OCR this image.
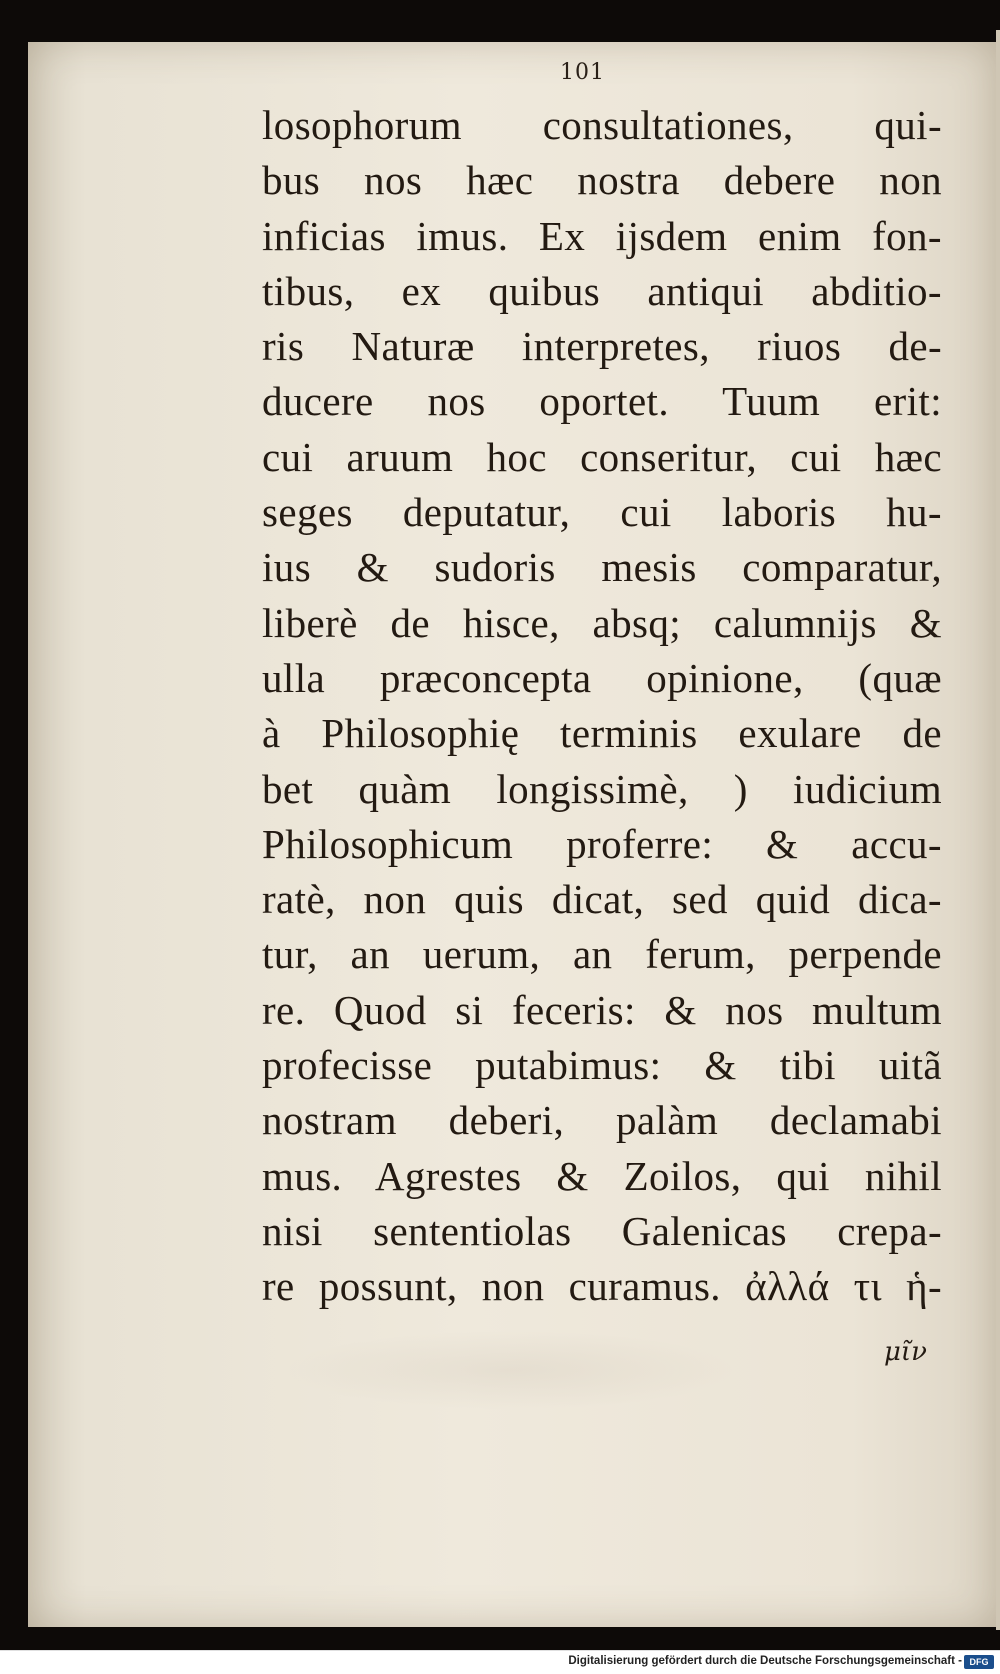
101
losophorum consultationes, qui-
bus nos hæc nostra debere non
inficias imus. Ex ijsdem enim fon-
tibus, ex quibus antiqui abditio-
ris Naturæ interpretes, riuos de-
ducere nos oportet. Tuum erit:
cui aruum hoc conseritur, cui hæc
seges deputatur, cui laboris hu-
ius & sudoris mesis comparatur,
liberè de hisce, absq; calumnijs &
ulla præconcepta opinione, (quæ
à Philosophię terminis exulare de
bet quàm longissimè, ) iudicium
Philosophicum proferre: & accu-
ratè, non quis dicat, sed quid dica-
tur, an uerum, an ferum, perpende
re. Quod si feceris: & nos multum
profecisse putabimus: & tibi uitã
nostram deberi, palàm declamabi
mus. Agrestes & Zoilos, qui nihil
nisi sententiolas Galenicas crepa-
re possunt, non curamus. ἀλλά τι ἡ-
μῖν
Digitalisierung gefördert durch die Deutsche Forschungsgemeinschaft - DFG
